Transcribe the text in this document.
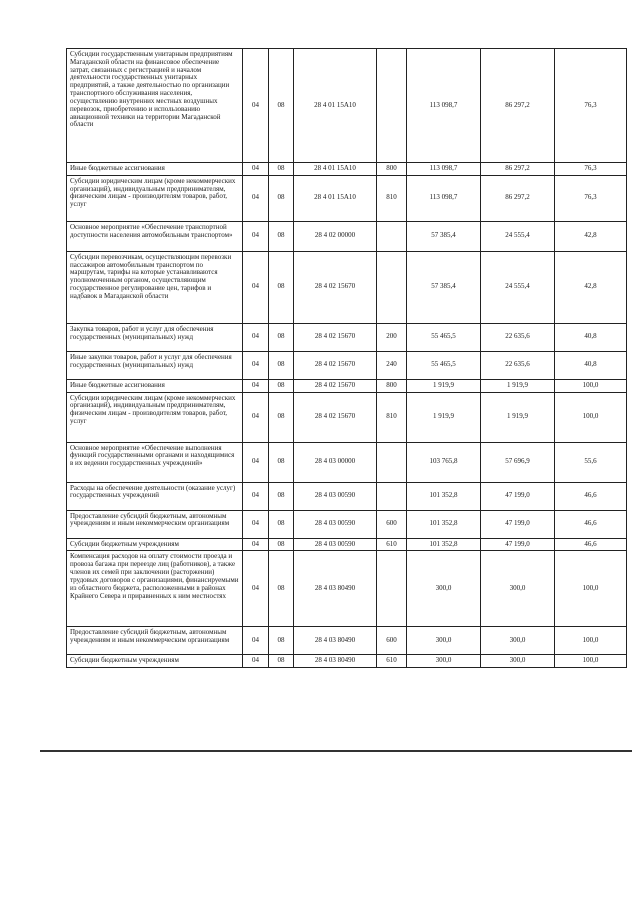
Субсидии государственным унитарным предприятиям Магаданской области на финансовое обеспечение затрат, связанных с регистрацией и началом деятельности государственных унитарных предприятий, а также деятельностью по организации транспортного обслуживания населения, осуществлению внутренних местных воздушных перевозок, приобретению и использованию авиационной техники на территории Магаданской области	04	08	28 4 01 15А10		113 098,7	86 297,2	76,3
Иные бюджетные ассигнования	04	08	28 4 01 15А10	800	113 098,7	86 297,2	76,3
Субсидии юридическим лицам (кроме некоммерческих организаций), индивидуальным предпринимателям, физическим лицам - производителям товаров, работ, услуг	04	08	28 4 01 15А10	810	113 098,7	86 297,2	76,3
Основное мероприятие «Обеспечение транспортной доступности населения автомобильным транспортом»	04	08	28 4 02 00000		57 385,4	24 555,4	42,8
Субсидии перевозчикам, осуществляющим перевозки пассажиров автомобильным транспортом по маршрутам, тарифы на которые устанавливаются уполномоченным органом, осуществляющим государственное регулирование цен, тарифов и надбавок в Магаданской области	04	08	28 4 02 15670		57 385,4	24 555,4	42,8
Закупка товаров, работ и услуг для обеспечения государственных (муниципальных) нужд	04	08	28 4 02 15670	200	55 465,5	22 635,6	40,8
Иные закупки товаров, работ и услуг для обеспечения государственных (муниципальных) нужд	04	08	28 4 02 15670	240	55 465,5	22 635,6	40,8
Иные бюджетные ассигнования	04	08	28 4 02 15670	800	1 919,9	1 919,9	100,0
Субсидии юридическим лицам (кроме некоммерческих организаций), индивидуальным предпринимателям, физическим лицам - производителям товаров, работ, услуг	04	08	28 4 02 15670	810	1 919,9	1 919,9	100,0
Основное мероприятие «Обеспечение выполнения функций государственными органами и находящимися в их ведении государственных учреждений»	04	08	28 4 03 00000		103 765,8	57 696,9	55,6
Расходы на обеспечение деятельности (оказание услуг) государственных учреждений	04	08	28 4 03 00590		101 352,8	47 199,0	46,6
Предоставление субсидий бюджетным, автономным учреждениям и иным некоммерческим организациям	04	08	28 4 03 00590	600	101 352,8	47 199,0	46,6
Субсидии бюджетным учреждениям	04	08	28 4 03 00590	610	101 352,8	47 199,0	46,6
Компенсация расходов на оплату стоимости проезда и провоза багажа при переезде лиц (работников), а также членов их семей при заключении (расторжении) трудовых договоров с организациями, финансируемыми из областного бюджета, расположенными в районах Крайнего Севера и приравненных к ним местностях	04	08	28 4 03 80490		300,0	300,0	100,0
Предоставление субсидий бюджетным, автономным учреждениям и иным некоммерческим организациям	04	08	28 4 03 80490	600	300,0	300,0	100,0
Субсидии бюджетным учреждениям	04	08	28 4 03 80490	610	300,0	300,0	100,0
